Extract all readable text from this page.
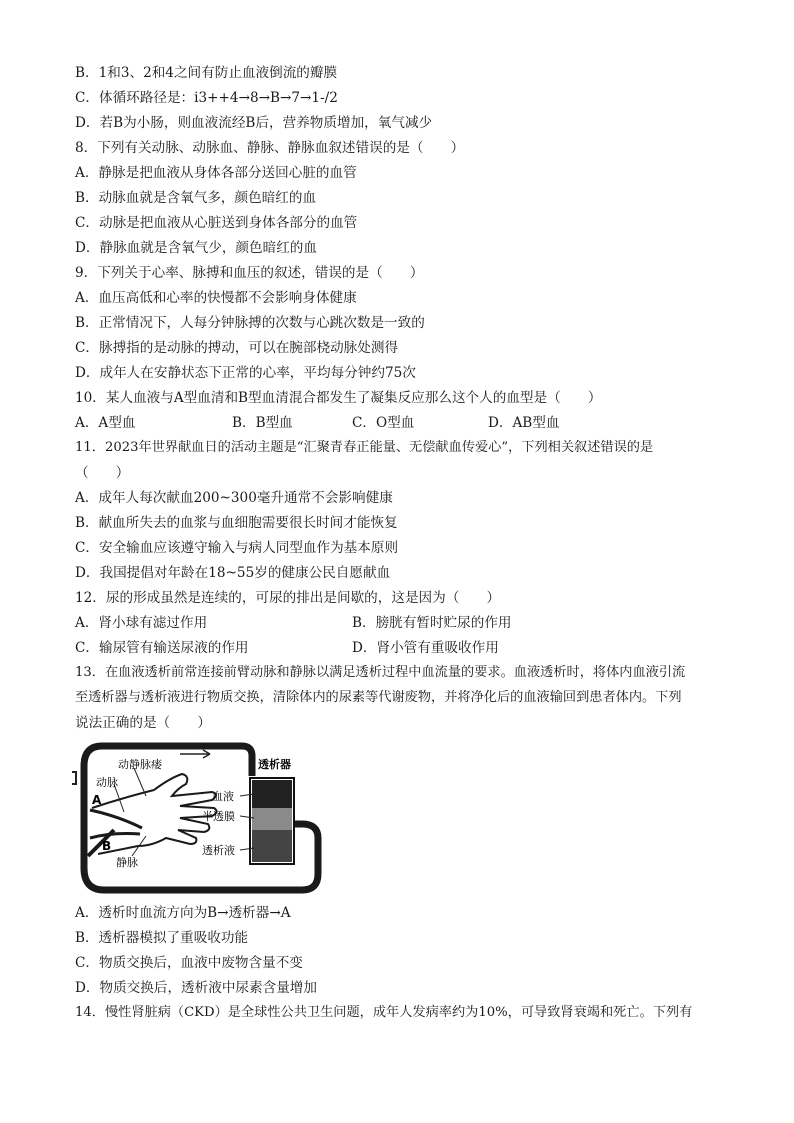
B．1和3、2和4之间有防止血液倒流的瓣膜
C．体循环路径是：i3++4→8→B→7→1-/2
D．若B为小肠，则血液流经B后，营养物质增加，氧气减少
8．下列有关动脉、动脉血、静脉、静脉血叙述错误的是（　　）
A．静脉是把血液从身体各部分送回心脏的血管
B．动脉血就是含氧气多，颜色暗红的血
C．动脉是把血液从心脏送到身体各部分的血管
D．静脉血就是含氧气少，颜色暗红的血
9．下列关于心率、脉搏和血压的叙述，错误的是（　　）
A．血压高低和心率的快慢都不会影响身体健康
B．正常情况下，人每分钟脉搏的次数与心跳次数是一致的
C．脉搏指的是动脉的搏动，可以在腕部桡动脉处测得
D．成年人在安静状态下正常的心率，平均每分钟约75次
10．某人血液与A型血清和B型血清混合都发生了凝集反应那么这个人的血型是（　　）
A．A型血	B．B型血	C．O型血	D．AB型血
11．2023年世界献血日的活动主题是“汇聚青春正能量、无偿献血传爱心”，下列相关叙述错误的是
（　　）
A．成年人每次献血200~300毫升通常不会影响健康
B．献血所失去的血浆与血细胞需要很长时间才能恢复
C．安全输血应该遵守输入与病人同型血作为基本原则
D．我国提倡对年龄在18~55岁的健康公民自愿献血
12．尿的形成虽然是连续的，可尿的排出是间歇的，这是因为（　　）
A．肾小球有滤过作用	B．膀胱有暂时贮尿的作用
C．输尿管有输送尿液的作用	D．肾小管有重吸收作用
13．在血液透析前常连接前臂动脉和静脉以满足透析过程中血流量的要求。血液透析时，将体内血液引流
至透析器与透析液进行物质交换，清除体内的尿素等代谢废物，并将净化后的血液输回到患者体内。下列
说法正确的是（　　）
动静脉瘘
动脉
A
B
静脉
透析器
血液
半透膜
透析液
A．透析时血流方向为B→透析器→A
B．透析器模拟了重吸收功能
C．物质交换后，血液中废物含量不变
D．物质交换后，透析液中尿素含量增加
14．慢性肾脏病（CKD）是全球性公共卫生问题，成年人发病率约为10%，可导致肾衰竭和死亡。下列有
